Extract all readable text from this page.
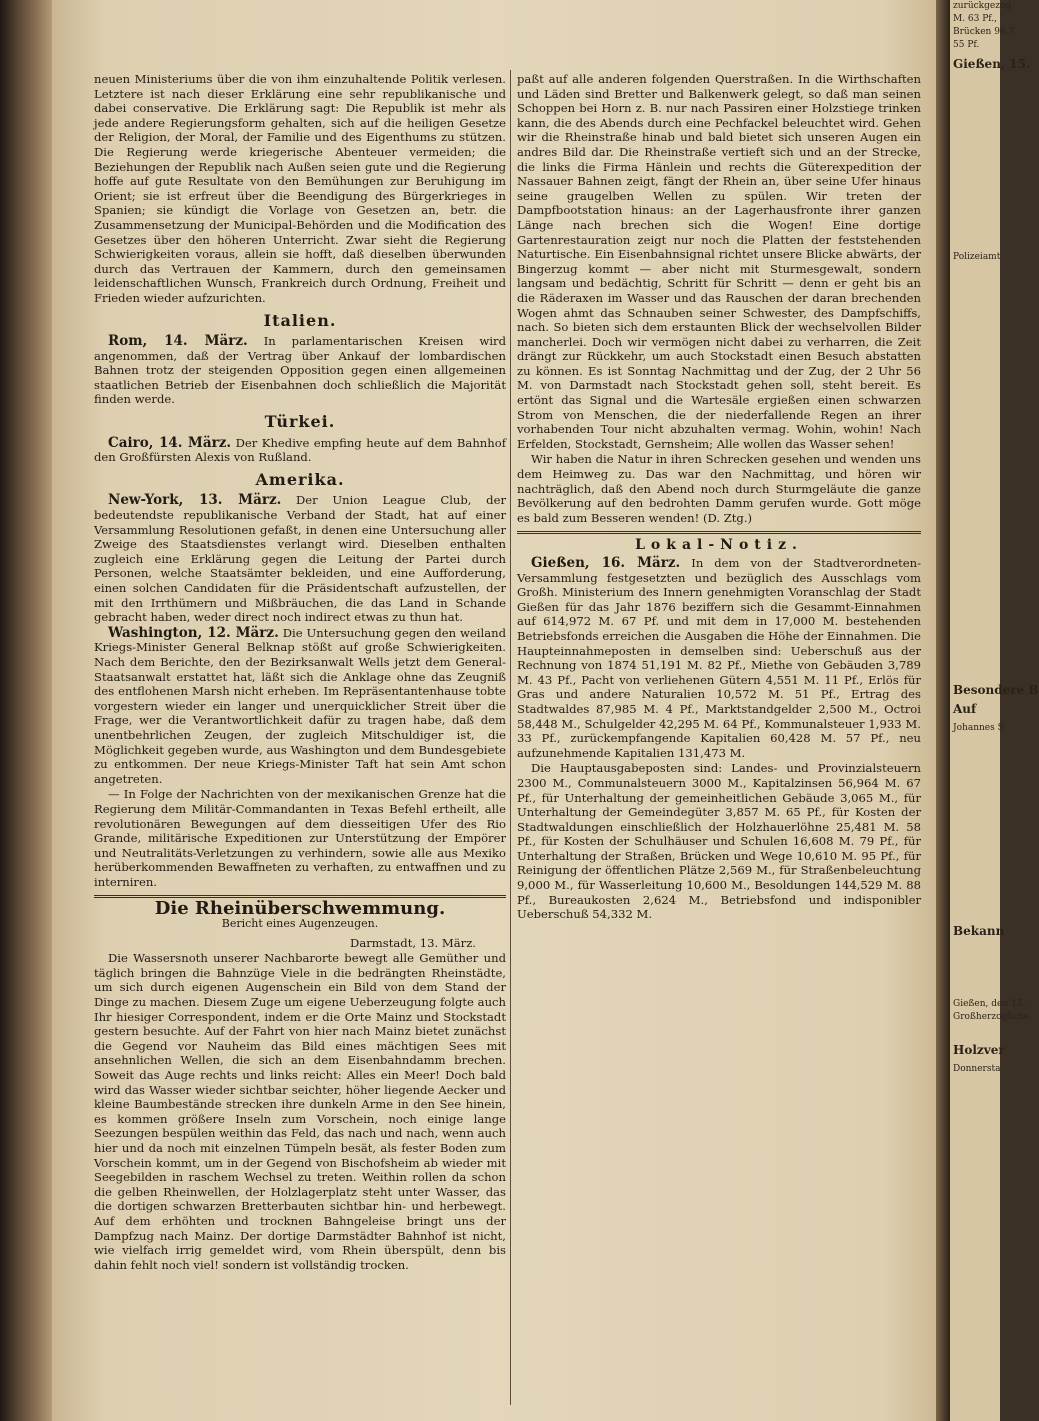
neuen Ministeriums über die von ihm einzuhaltende Politik verlesen. Letztere ist nach dieser Erklärung eine sehr republikanische und dabei conservative. Die Erklärung sagt: Die Republik ist mehr als jede andere Regierungsform gehalten, sich auf die heiligen Gesetze der Religion, der Moral, der Familie und des Eigenthums zu stützen. Die Regierung werde kriegerische Abenteuer vermeiden; die Beziehungen der Republik nach Außen seien gute und die Regierung hoffe auf gute Resultate von den Bemühungen zur Beruhigung im Orient; sie ist erfreut über die Beendigung des Bürgerkrieges in Spanien; sie kündigt die Vorlage von Gesetzen an, betr. die Zusammensetzung der Municipal-Behörden und die Modification des Gesetzes über den höheren Unterricht. Zwar sieht die Regierung Schwierigkeiten voraus, allein sie hofft, daß dieselben überwunden durch das Vertrauen der Kammern, durch den gemeinsamen leidenschaftlichen Wunsch, Frankreich durch Ordnung, Freiheit und Frieden wieder aufzurichten.

Italien.

Rom, 14. März. In parlamentarischen Kreisen wird angenommen, daß der Vertrag über Ankauf der lombardischen Bahnen trotz der steigenden Opposition gegen einen allgemeinen staatlichen Betrieb der Eisenbahnen doch schließlich die Majorität finden werde.

Türkei.

Cairo, 14. März. Der Khedive empfing heute auf dem Bahnhof den Großfürsten Alexis von Rußland.

Amerika.

New-York, 13. März. Der Union League Club, der bedeutendste republikanische Verband der Stadt, hat auf einer Versammlung Resolutionen gefaßt, in denen eine Untersuchung aller Zweige des Staatsdienstes verlangt wird. Dieselben enthalten zugleich eine Erklärung gegen die Leitung der Partei durch Personen, welche Staatsämter bekleiden, und eine Aufforderung, einen solchen Candidaten für die Präsidentschaft aufzustellen, der mit den Irrthümern und Mißbräuchen, die das Land in Schande gebracht haben, weder direct noch indirect etwas zu thun hat.

Washington, 12. März. Die Untersuchung gegen den weiland Kriegs-Minister General Belknap stößt auf große Schwierigkeiten. Nach dem Berichte, den der Bezirksanwalt Wells jetzt dem General-Staatsanwalt erstattet hat, läßt sich die Anklage ohne das Zeugniß des entflohenen Marsh nicht erheben. Im Repräsentantenhause tobte vorgestern wieder ein langer und unerquicklicher Streit über die Frage, wer die Verantwortlichkeit dafür zu tragen habe, daß dem unentbehrlichen Zeugen, der zugleich Mitschuldiger ist, die Möglichkeit gegeben wurde, aus Washington und dem Bundesgebiete zu entkommen. Der neue Kriegs-Minister Taft hat sein Amt schon angetreten.

— In Folge der Nachrichten von der mexikanischen Grenze hat die Regierung dem Militär-Commandanten in Texas Befehl ertheilt, alle revolutionären Bewegungen auf dem diesseitigen Ufer des Rio Grande, militärische Expeditionen zur Unterstützung der Empörer und Neutralitäts-Verletzungen zu verhindern, sowie alle aus Mexiko herüberkommenden Bewaffneten zu verhaften, zu entwaffnen und zu interniren.

Die Rheinüberschwemmung.
Bericht eines Augenzeugen.

Darmstadt, 13. März.

Die Wassersnoth unserer Nachbarorte bewegt alle Gemüther und täglich bringen die Bahnzüge Viele in die bedrängten Rheinstädte, um sich durch eigenen Augenschein ein Bild von dem Stand der Dinge zu machen. Diesem Zuge um eigene Ueberzeugung folgte auch Ihr hiesiger Correspondent, indem er die Orte Mainz und Stockstadt gestern besuchte. Auf der Fahrt von hier nach Mainz bietet zunächst die Gegend vor Nauheim das Bild eines mächtigen Sees mit ansehnlichen Wellen, die sich an dem Eisenbahndamm brechen. Soweit das Auge rechts und links reicht: Alles ein Meer! Doch bald wird das Wasser wieder sichtbar seichter, höher liegende Aecker und kleine Baumbestände strecken ihre dunkeln Arme in den See hinein, es kommen größere Inseln zum Vorschein, noch einige lange Seezungen bespülen weithin das Feld, das nach und nach, wenn auch hier und da noch mit einzelnen Tümpeln besät, als fester Boden zum Vorschein kommt, um in der Gegend von Bischofsheim ab wieder mit Seegebilden in raschem Wechsel zu treten. Weithin rollen da schon die gelben Rheinwellen, der Holzlagerplatz steht unter Wasser, das die dortigen schwarzen Bretterbauten sichtbar hin- und herbewegt. Auf dem erhöhten und trocknen Bahngeleise bringt uns der Dampfzug nach Mainz. Der dortige Darmstädter Bahnhof ist nicht, wie vielfach irrig gemeldet wird, vom Rhein überspült, denn bis dahin fehlt noch viel! sondern ist vollständig trocken.

paßt auf alle anderen folgenden Querstraßen. In die Wirthschaften und Läden sind Bretter und Balkenwerk gelegt, so daß man seinen Schoppen bei Horn z. B. nur nach Passiren einer Holzstiege trinken kann, die des Abends durch eine Pechfackel beleuchtet wird. Gehen wir die Rheinstraße hinab und bald bietet sich unseren Augen ein andres Bild dar. Die Rheinstraße vertieft sich und an der Strecke, die links die Firma Hänlein und rechts die Güterexpedition der Nassauer Bahnen zeigt, fängt der Rhein an, über seine Ufer hinaus seine graugelben Wellen zu spülen. Wir treten der Dampfbootstation hinaus: an der Lagerhausfronte ihrer ganzen Länge nach brechen sich die Wogen! Eine dortige Gartenrestauration zeigt nur noch die Platten der feststehenden Naturtische. Ein Eisenbahnsignal richtet unsere Blicke abwärts, der Bingerzug kommt — aber nicht mit Sturmesgewalt, sondern langsam und bedächtig, Schritt für Schritt — denn er geht bis an die Räderaxen im Wasser und das Rauschen der daran brechenden Wogen ahmt das Schnauben seiner Schwester, des Dampfschiffs, nach. So bieten sich dem erstaunten Blick der wechselvollen Bilder mancherlei. Doch wir vermögen nicht dabei zu verharren, die Zeit drängt zur Rückkehr, um auch Stockstadt einen Besuch abstatten zu können. Es ist Sonntag Nachmittag und der Zug, der 2 Uhr 56 M. von Darmstadt nach Stockstadt gehen soll, steht bereit. Es ertönt das Signal und die Wartesäle ergießen einen schwarzen Strom von Menschen, die der niederfallende Regen an ihrer vorhabenden Tour nicht abzuhalten vermag. Wohin, wohin! Nach Erfelden, Stockstadt, Gernsheim; Alle wollen das Wasser sehen!

Wir haben die Natur in ihren Schrecken gesehen und wenden uns dem Heimweg zu. Das war den Nachmittag, und hören wir nachträglich, daß den Abend noch durch Sturmgeläute die ganze Bevölkerung auf den bedrohten Damm gerufen wurde. Gott möge es bald zum Besseren wenden! (D. Ztg.)

Lokal-Notiz.

Gießen, 16. März. In dem von der Stadtverordneten-Versammlung festgesetzten und bezüglich des Ausschlags vom Großh. Ministerium des Innern genehmigten Voranschlag der Stadt Gießen für das Jahr 1876 beziffern sich die Gesammt-Einnahmen auf 614,972 M. 67 Pf. und mit dem in 17,000 M. bestehenden Betriebsfonds erreichen die Ausgaben die Höhe der Einnahmen. Die Haupteinnahmeposten in demselben sind: Ueberschuß aus der Rechnung von 1874 51,191 M. 82 Pf., Miethe von Gebäuden 3,789 M. 43 Pf., Pacht von verliehenen Gütern 4,551 M. 11 Pf., Erlös für Gras und andere Naturalien 10,572 M. 51 Pf., Ertrag des Stadtwaldes 87,985 M. 4 Pf., Marktstandgelder 2,500 M., Octroi 58,448 M., Schulgelder 42,295 M. 64 Pf., Kommunalsteuer 1,933 M. 33 Pf., zurückempfangende Kapitalien 60,428 M. 57 Pf., neu aufzunehmende Kapitalien 131,473 M.

Die Hauptausgabeposten sind: Landes- und Provinzialsteuern 2300 M., Communalsteuern 3000 M., Kapitalzinsen 56,964 M. 67 Pf., für Unterhaltung der gemeinheitlichen Gebäude 3,065 M., für Unterhaltung der Gemeindegüter 3,857 M. 65 Pf., für Kosten der Stadtwaldungen einschließlich der Holzhauerlöhne 25,481 M. 58 Pf., für Kosten der Schulhäuser und Schulen 16,608 M. 79 Pf., für Unterhaltung der Straßen, Brücken und Wege 10,610 M. 95 Pf., für Reinigung der öffentlichen Plätze 2,569 M., für Straßenbeleuchtung 9,000 M., für Wasserleitung 10,600 M., Besoldungen 144,529 M. 88 Pf., Bureaukosten 2,624 M., Betriebsfond und indisponibler Ueberschuß 54,332 M.

zurückgezog
M. 63 Pf.,
Brücken 96,7
55 Pf.
Gießen, 15.
Polizeiamt
Besondere B
Auf
Johannes S
Bekann
Gießen, den 13.
Großherzogliche
Holzver
Donnersta
